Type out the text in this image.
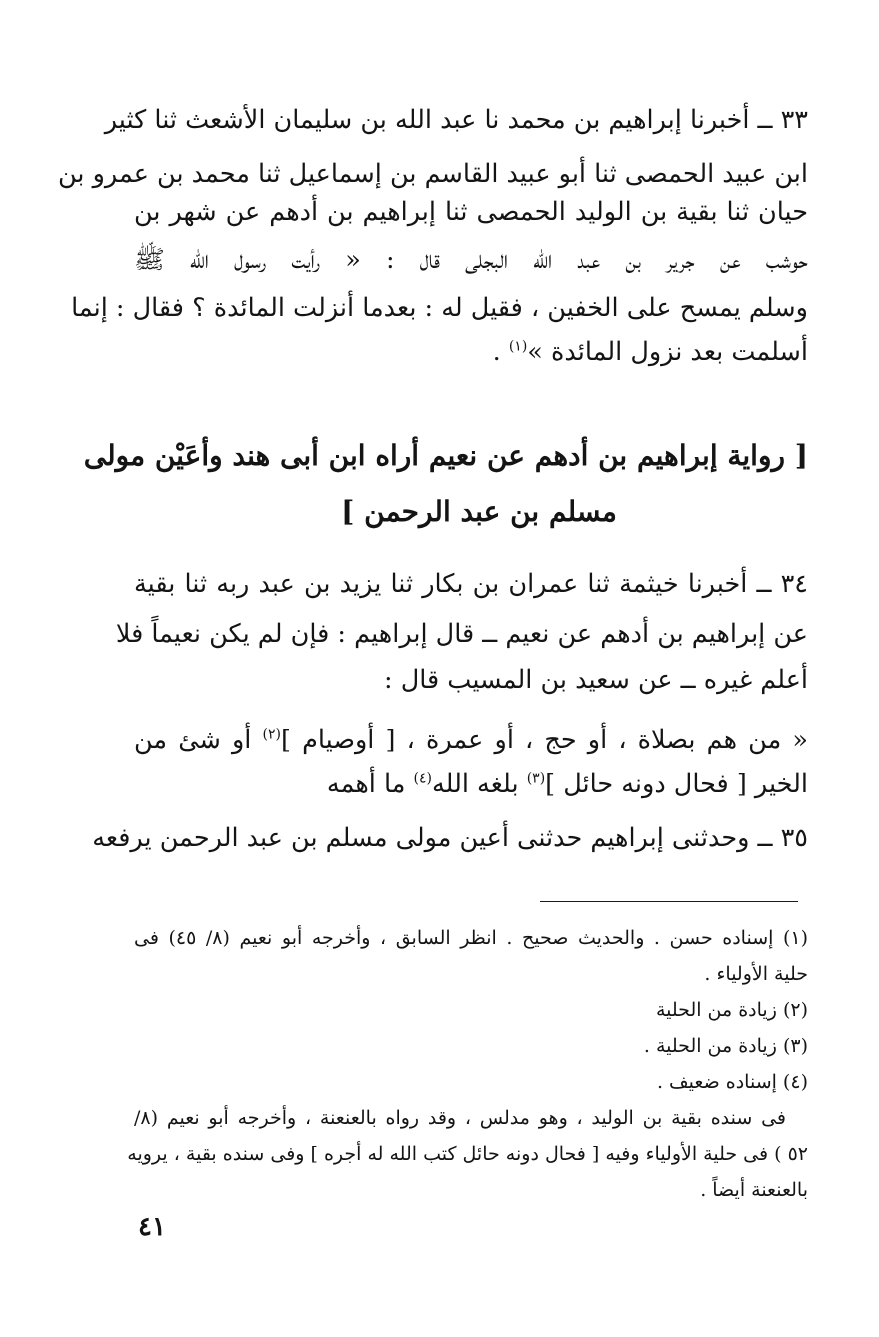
٣٣ ــ أخبرنا إبراهيم بن محمد نا عبد الله بن سليمان الأشعث ثنا كثير
ابن عبيد الحمصى ثنا أبو عبيد القاسم بن إسماعيل ثنا محمد بن عمرو بن
حيان ثنا بقية بن الوليد الحمصى ثنا إبراهيم بن أدهم عن شهر بن
حوشب عن جرير بن عبد الله البجلى قال : « رأيت رسول الله ﷺ
وسلم يمسح على الخفين ، فقيل له : بعدما أنزلت المائدة ؟ فقال : إنما
أسلمت بعد نزول المائدة »$^{(١)}$ .

[ رواية إبراهيم بن أدهم عن نعيم أراه ابن أبى هند وأعَيْن مولى

مسلم بن عبد الرحمن ]

٣٤ ــ أخبرنا خيثمة ثنا عمران بن بكار ثنا يزيد بن عبد ربه ثنا بقية
عن إبراهيم بن أدهم عن نعيم ــ قال إبراهيم : فإن لم يكن نعيماً فلا
أعلم غيره ــ عن سعيد بن المسيب قال :
« من هم بصلاة ، أو حج ، أو عمرة ، [ أوصيام ]$^{(٢)}$ أو شئ من
الخير [ فحال دونه حائل ]$^{(٣)}$ بلغه الله$^{(٤)}$ ما أهمه
٣٥ ــ وحدثنى إبراهيم حدثنى أعين مولى مسلم بن عبد الرحمن يرفعه

(١) إسناده حسن . والحديث صحيح . انظر السابق ، وأخرجه أبو نعيم (٨/ ٤٥) فى

حلية الأولياء .

(٢) زيادة من الحلية

(٣) زيادة من الحلية .

(٤) إسناده ضعيف .

فى سنده بقية بن الوليد ، وهو مدلس ، وقد رواه بالعنعنة ، وأخرجه أبو نعيم (٨/

٥٢ ) فى حلية الأولياء وفيه [ فحال دونه حائل كتب الله له أجره ] وفى سنده بقية ، يرويه

بالعنعنة أيضاً .

٤١
